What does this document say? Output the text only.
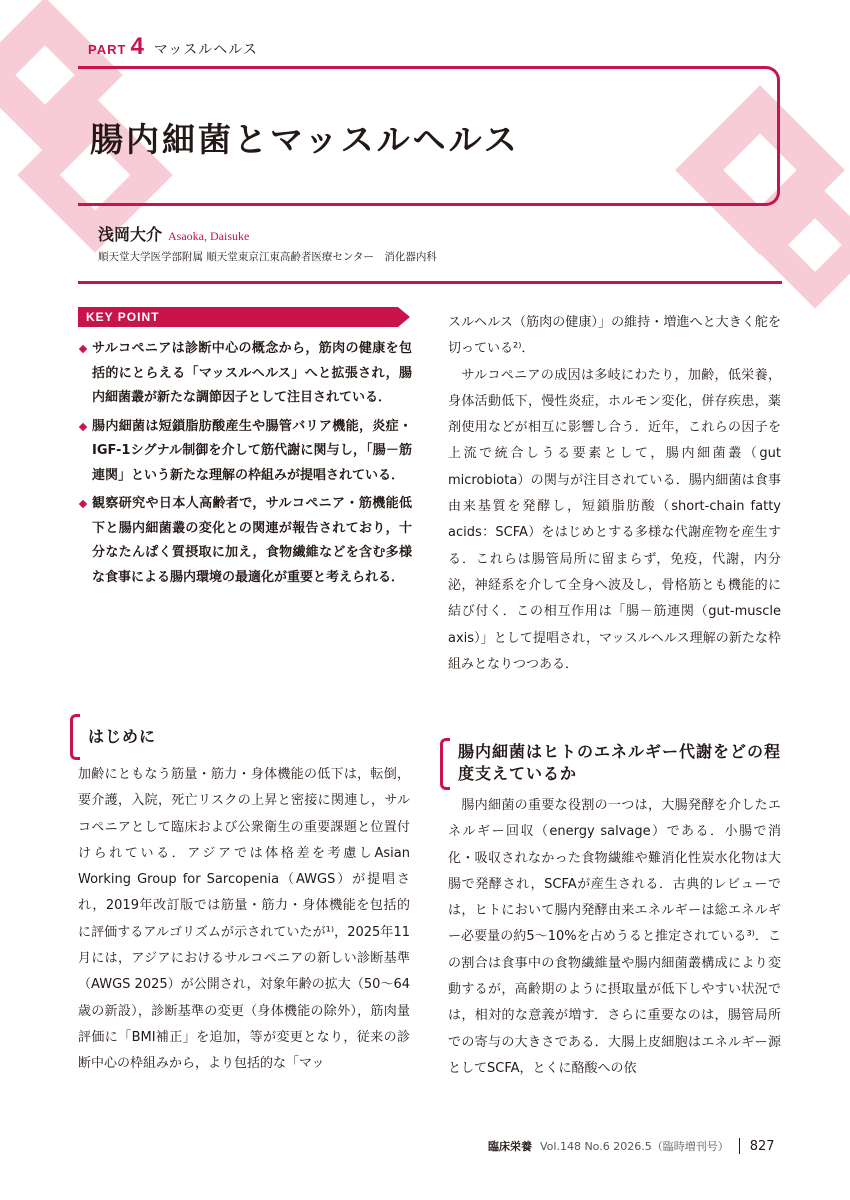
PART 4 マッスルヘルス
腸内細菌とマッスルヘルス
浅岡大介 Asaoka, Daisuke
順天堂大学医学部附属 順天堂東京江東高齢者医療センター　消化器内科
KEY POINT
サルコペニアは診断中心の概念から，筋肉の健康を包括的にとらえる「マッスルヘルス」へと拡張され，腸内細菌叢が新たな調節因子として注目されている．
腸内細菌は短鎖脂肪酸産生や腸管バリア機能，炎症・IGF-1シグナル制御を介して筋代謝に関与し，「腸－筋連関」という新たな理解の枠組みが提唱されている．
観察研究や日本人高齢者で，サルコペニア・筋機能低下と腸内細菌叢の変化との関連が報告されており，十分なたんぱく質摂取に加え，食物繊維などを含む多様な食事による腸内環境の最適化が重要と考えられる．
はじめに

加齢にともなう筋量・筋力・身体機能の低下は，転倒，要介護，入院，死亡リスクの上昇と密接に関連し，サルコペニアとして臨床および公衆衛生の重要課題と位置付けられている．アジアでは体格差を考慮しAsian Working Group for Sarcopenia（AWGS）が提唱され，2019年改訂版では筋量・筋力・身体機能を包括的に評価するアルゴリズムが示されていたが¹⁾，2025年11月には，アジアにおけるサルコペニアの新しい診断基準（AWGS 2025）が公開され，対象年齢の拡大（50～64歳の新設），診断基準の変更（身体機能の除外），筋肉量評価に「BMI補正」を追加，等が変更となり，従来の診断中心の枠組みから，より包括的な「マッ

スルヘルス（筋肉の健康）」の維持・増進へと大きく舵を切っている²⁾．
　サルコペニアの成因は多岐にわたり，加齢，低栄養，身体活動低下，慢性炎症，ホルモン変化，併存疾患，薬剤使用などが相互に影響し合う．近年，これらの因子を上流で統合しうる要素として，腸内細菌叢（gut microbiota）の関与が注目されている．腸内細菌は食事由来基質を発酵し，短鎖脂肪酸（short-chain fatty acids：SCFA）をはじめとする多様な代謝産物を産生する．これらは腸管局所に留まらず，免疫，代謝，内分泌，神経系を介して全身へ波及し，骨格筋とも機能的に結び付く．この相互作用は「腸－筋連関（gut-muscle axis）」として提唱され，マッスルヘルス理解の新たな枠組みとなりつつある．

腸内細菌はヒトのエネルギー代謝をどの程度支えているか

　腸内細菌の重要な役割の一つは，大腸発酵を介したエネルギー回収（energy salvage）である．小腸で消化・吸収されなかった食物繊維や難消化性炭水化物は大腸で発酵され，SCFAが産生される．古典的レビューでは，ヒトにおいて腸内発酵由来エネルギーは総エネルギー必要量の約5～10%を占めうると推定されている³⁾．この割合は食事中の食物繊維量や腸内細菌叢構成により変動するが，高齢期のように摂取量が低下しやすい状況では，相対的な意義が増す．さらに重要なのは，腸管局所での寄与の大きさである．大腸上皮細胞はエネルギー源としてSCFA，とくに酪酸への依

臨床栄養 Vol.148 No.6 2026.5（臨時増刊号） 827
